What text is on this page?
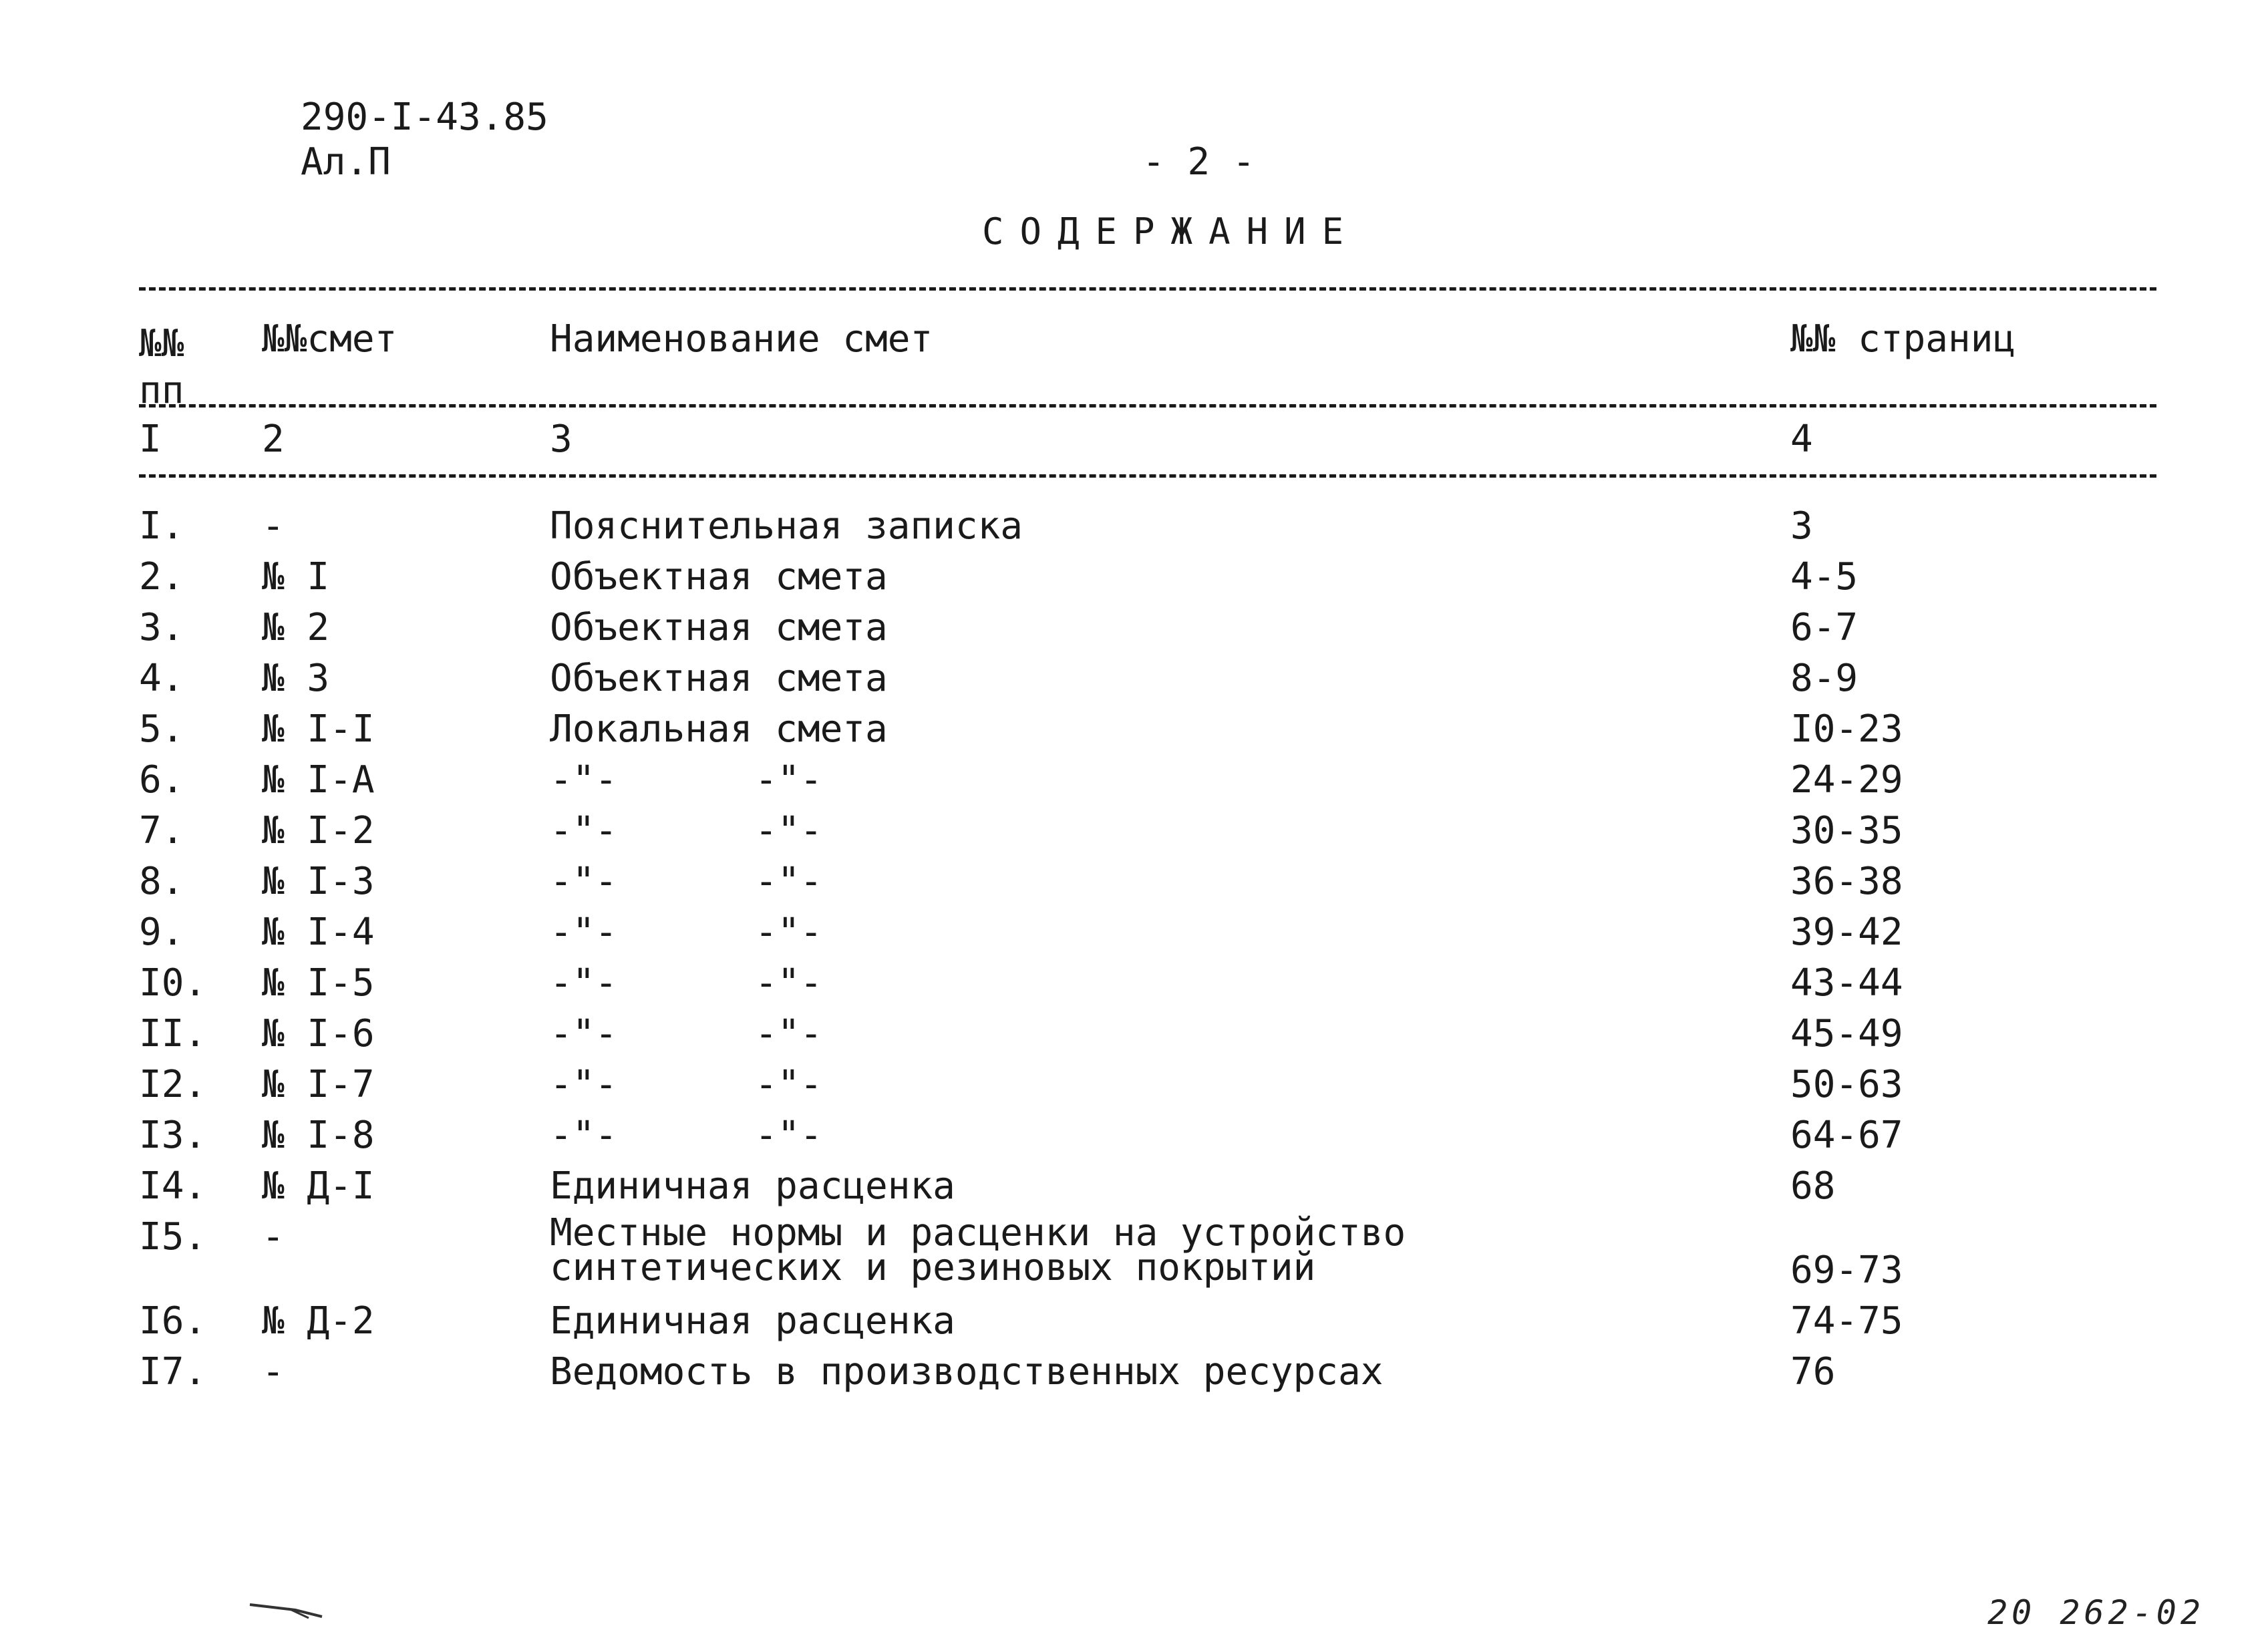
290-I-43.85
Ал.П	- 2 -
СОДЕРЖАНИЕ
№№
пп
№№смет	Наименование смет	№№ страниц
I	2	3	4
I. -	Пояснительная записка	3
2. № I	Объектная смета	4-5
3. № 2	Объектная смета	6-7
4. № 3	Объектная смета	8-9
5. № I-I	Локальная смета	I0-23
6. № I-А	-"-	-"-	24-29
7. № I-2	-"-	-"-	30-35
8. № I-3	-"-	-"-	36-38
9. № I-4	-"-	-"-	39-42
I0. № I-5	-"-	-"-	43-44
II. № I-6	-"-	-"-	45-49
I2. № I-7	-"-	-"-	50-63
I3. № I-8	-"-	-"-	64-67
I4. № Д-I	Единичная расценка	68
I5. -	Местные нормы и расценки на устройство
синтетических и резиновых покрытий	69-73
I6. № Д-2	Единичная расценка	74-75
I7. -	Ведомость в производственных ресурсах	76
20 262-02
